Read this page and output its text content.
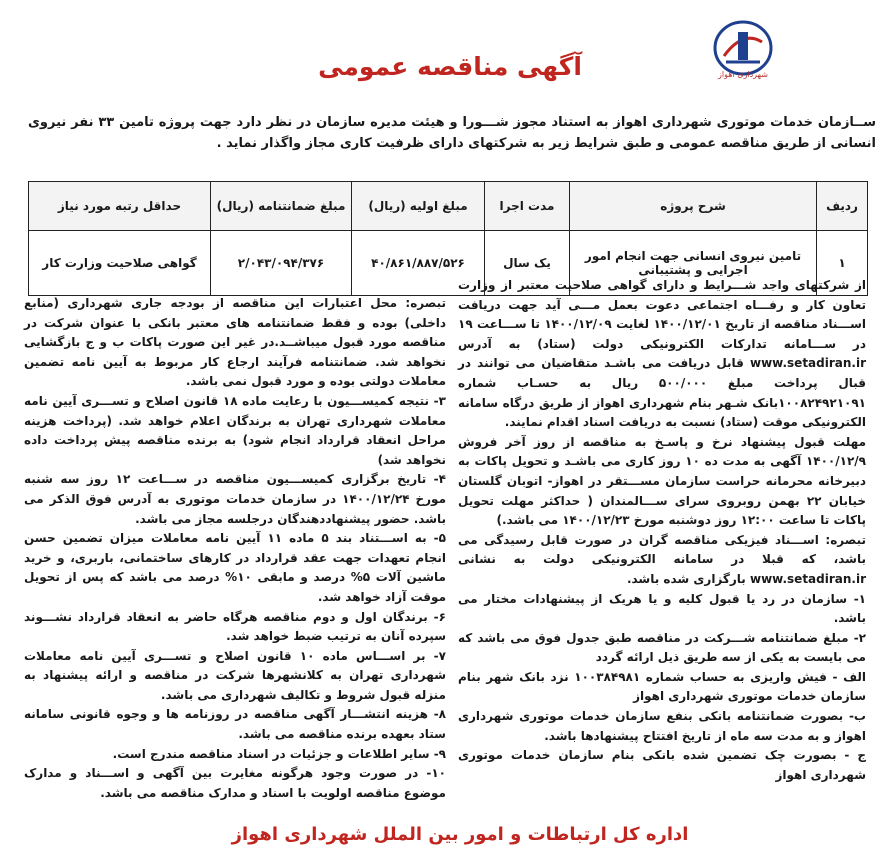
شهرداری اهواز
آگهی مناقصه عمومی
ســازمان خدمات موتوری شهرداری اهواز به استناد مجوز شـــورا و هیئت مدیره سازمان در نظر دارد جهت پروژه تامین ۳۳ نفر نیروی انسانی از طریق مناقصه عمومی و طبق شرایط زیر به شرکتهای دارای ظرفیت کاری مجاز واگذار نماید .
ردیف	شرح پروژه	مدت اجرا	مبلغ اولیه (ریال)	مبلغ ضمانتنامه (ریال)	حداقل رتبه مورد نیاز
۱	تامین نیروی انسانی جهت انجام امور اجرایی و پشتیبانی	یک سال	۴۰/۸۶۱/۸۸۷/۵۲۶	۲/۰۴۳/۰۹۴/۳۷۶	گواهی صلاحیت وزارت کار

از شرکتهای واجد شـــرایط و دارای گواهی صلاحیت معتبر از وزارت تعاون کار و رفـــاه اجتماعی دعوت بعمل مـــی آید جهت دریافت اســـناد مناقصه از تاریخ ۱۴۰۰/۱۲/۰۱ لغایت ۱۴۰۰/۱۲/۰۹ تا ســـاعت ۱۹ در ســـامانه تدارکات الکترونیکی دولت (ستاد) به آدرس www.setadiran.ir قابل دریافت می باشـد متقاضیان می توانند در قبال پرداخت مبلغ ۵۰۰/۰۰۰ ریال به حسـاب شماره ۱۰۰۸۲۴۹۲۱۰۹۱بانک شـهر بنام شهرداری اهواز از طریق درگاه سامانه الکترونیکی موقت (ستاد) نسبت به دریافت اسناد اقدام نمایند.

مهلت قبول پیشنهاد نرخ و پاسـخ به مناقصه از روز آخر فروش ۱۴۰۰/۱۲/۹ آگهی به مدت ده ۱۰ روز کاری می باشـد و تحویل پاکات به دبیرخانه محرمانه حراست سازمان مســـتقر در اهواز- اتوبان گلستان خیابان ۲۲ بهمن روبروی سرای ســـالمندان ( حداکثر مهلت تحویل پاکات تا ساعت ۱۲:۰۰ روز دوشنبه مورخ ۱۴۰۰/۱۲/۲۳ می باشد.)

تبصره: اســـناد فیزیکی مناقصه گران در صورت قابل رسیدگی می باشد، که قبلا در سامانه الکترونیکی دولت به نشانی www.setadiran.ir بارگزاری شده باشد.

۱- سازمان در رد یا قبول کلیه و یا هریک از پیشنهادات مختار می باشد.

۲- مبلغ ضمانتنامه شـــرکت در مناقصه طبق جدول فوق می باشد که می بایست به یکی از سه طریق ذیل ارائه گردد

الف - فیش واریزی به حساب شماره ۱۰۰۳۸۴۹۸۱ نزد بانک شهر بنام سازمان خدمات موتوری شهرداری اهواز

ب- بصورت ضمانتنامه بانکی بنفع سازمان خدمات موتوری شهرداری اهواز و به مدت سه ماه از تاریخ افتتاح پیشنهادها باشد.

ج - بصورت چک تضمین شده بانکی بنام سازمان خدمات موتوری شهرداری اهواز

تبصره: محل اعتبارات این مناقصه از بودجه جاری شهرداری (منابع داخلی) بوده و فقط ضمانتنامه های معتبر بانکی با عنوان شرکت در مناقصه مورد قبول میباشــد.در غیر این صورت پاکات ب و ج بازگشایی نخواهد شد. ضمانتنامه فرآیند ارجاع کار مربوط به آیین نامه تضمین معاملات دولتی بوده و مورد قبول نمی باشد.

۳- نتیجه کمیســـیون با رعایت ماده ۱۸ قانون اصلاح و تســـری آیین نامه معاملات شهرداری تهران به برندگان اعلام خواهد شد. (پرداخت هزینه مراحل انعقاد قرارداد انجام شود) به برنده مناقصه پیش پرداخت داده نخواهد شد)

۴- تاریخ برگزاری کمیســـیون مناقصه در ســـاعت ۱۲ روز سه شنبه مورخ ۱۴۰۰/۱۲/۲۴ در سازمان خدمات موتوری به آدرس فوق الذکر می باشد. حضور پیشنهاددهندگان درجلسه مجاز می باشد.

۵- به اســـتناد بند ۵ ماده ۱۱ آیین نامه معاملات میزان تضمین حسن انجام تعهدات جهت عقد قرارداد در کارهای ساختمانی، باربری، و خرید ماشین آلات ۵% درصد و مابقی ۱۰% درصد می باشد که پس از تحویل موقت آزاد خواهد شد.

۶- برندگان اول و دوم مناقصه هرگاه حاضر به انعقاد قرارداد نشـــوند سپرده آنان به ترتیب ضبط خواهد شد.

۷- بر اســـاس ماده ۱۰ قانون اصلاح و تســـری آیین نامه معاملات شهرداری تهران به کلانشهرها شرکت در مناقصه و ارائه پیشنهاد به منزله قبول شروط و تکالیف شهرداری می باشد.

۸- هزینه انتشـــار آگهی مناقصه در روزنامه ها و وجوه قانونی سامانه ستاد بعهده برنده مناقصه می باشد.

۹- سایر اطلاعات و جزئیات در اسناد مناقصه مندرج است.

۱۰- در صورت وجود هرگونه مغایرت بین آگهی و اســـناد و مدارک موضوع مناقصه اولویت با اسناد و مدارک مناقصه می باشد.

اداره کل ارتباطات و امور بین الملل شهرداری اهواز
